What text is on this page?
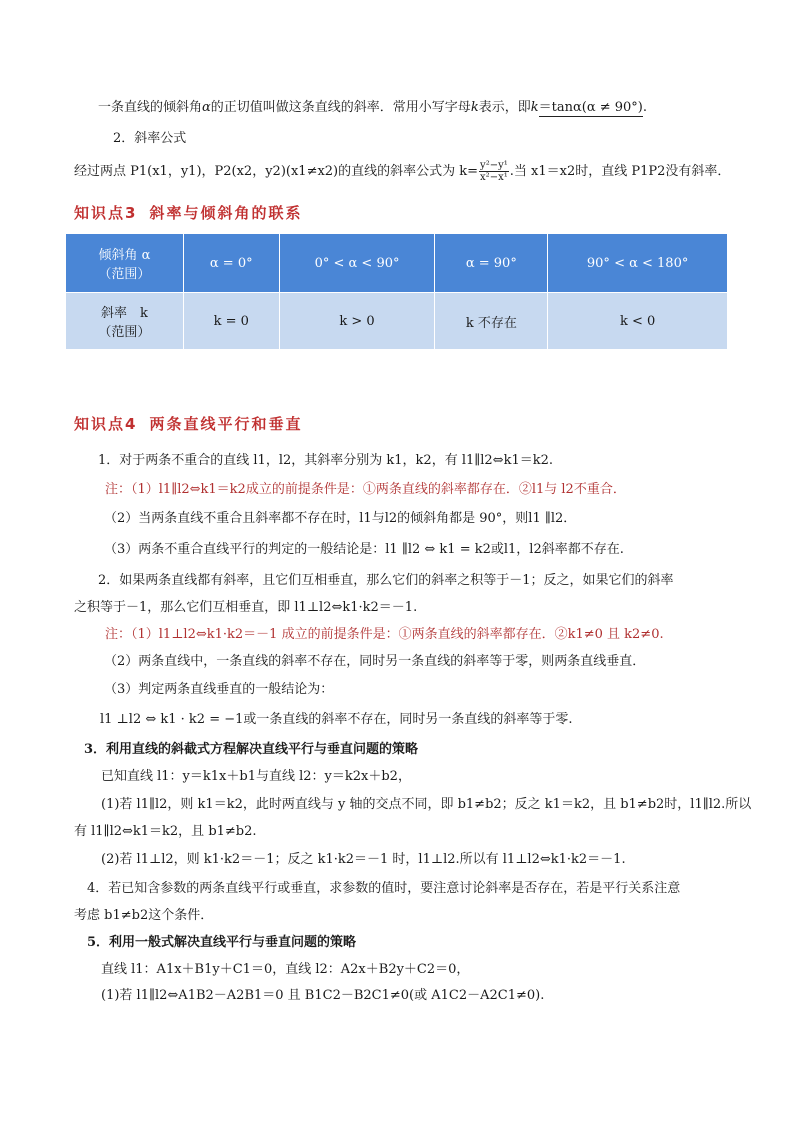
一条直线的倾斜角α的正切值叫做这条直线的斜率．常用小写字母k表示，即k＝tanα(α ≠ 90°).
2．斜率公式
经过两点 P1(x1，y1)，P2(x2，y2)(x1≠x2)的直线的斜率公式为 $k= \frac{\text{y²−y¹}}{\text{x²−x¹}}$ .当 x1＝x2时，直线 P1P2没有斜率．
知识点3 斜率与倾斜角的联系
倾斜角 α
（范围）	α = 0°	0° < α < 90°	α = 90°	90° < α < 180°

斜率　k
（范围）	k = 0	k > 0	k 不存在	k < 0
知识点4 两条直线平行和垂直
1．对于两条不重合的直线 l1，l2，其斜率分别为 k1，k2，有 l1∥l2⇔k1＝k2.
注：（1）l1∥l2⇔k1＝k2成立的前提条件是：①两条直线的斜率都存在．②l1与 l2不重合．
（2）当两条直线不重合且斜率都不存在时，l1与l2的倾斜角都是 90°，则l1 ∥l2．
（3）两条不重合直线平行的判定的一般结论是：l1 ∥l2 ⇔ k1 = k2或l1，l2斜率都不存在.
2．如果两条直线都有斜率，且它们互相垂直，那么它们的斜率之积等于－1；反之，如果它们的斜率
之积等于－1，那么它们互相垂直，即 l1⊥l2⇔k1·k2＝－1.
注：（1）l1⊥l2⇔k1·k2＝－1 成立的前提条件是：①两条直线的斜率都存在．②k1≠0 且 k2≠0.
（2）两条直线中，一条直线的斜率不存在，同时另一条直线的斜率等于零，则两条直线垂直．
（3）判定两条直线垂直的一般结论为：
l1 ⊥l2 ⇔ k1 · k2 = −1或一条直线的斜率不存在，同时另一条直线的斜率等于零.
3．利用直线的斜截式方程解决直线平行与垂直问题的策略
已知直线 l1：y＝k1x＋b1与直线 l2：y＝k2x＋b2，
(1)若 l1∥l2，则 k1＝k2，此时两直线与 y 轴的交点不同，即 b1≠b2；反之 k1＝k2，且 b1≠b2时，l1∥l2.所以
有 l1∥l2⇔k1＝k2，且 b1≠b2.
(2)若 l1⊥l2，则 k1·k2＝－1；反之 k1·k2＝－1 时，l1⊥l2.所以有 l1⊥l2⇔k1·k2＝－1.
4．若已知含参数的两条直线平行或垂直，求参数的值时，要注意讨论斜率是否存在，若是平行关系注意
考虑 b1≠b2这个条件．
5．利用一般式解决直线平行与垂直问题的策略
直线 l1：A1x＋B1y＋C1＝0，直线 l2：A2x＋B2y＋C2＝0，
(1)若 l1∥l2⇔A1B2－A2B1＝0 且 B1C2－B2C1≠0(或 A1C2－A2C1≠0).
